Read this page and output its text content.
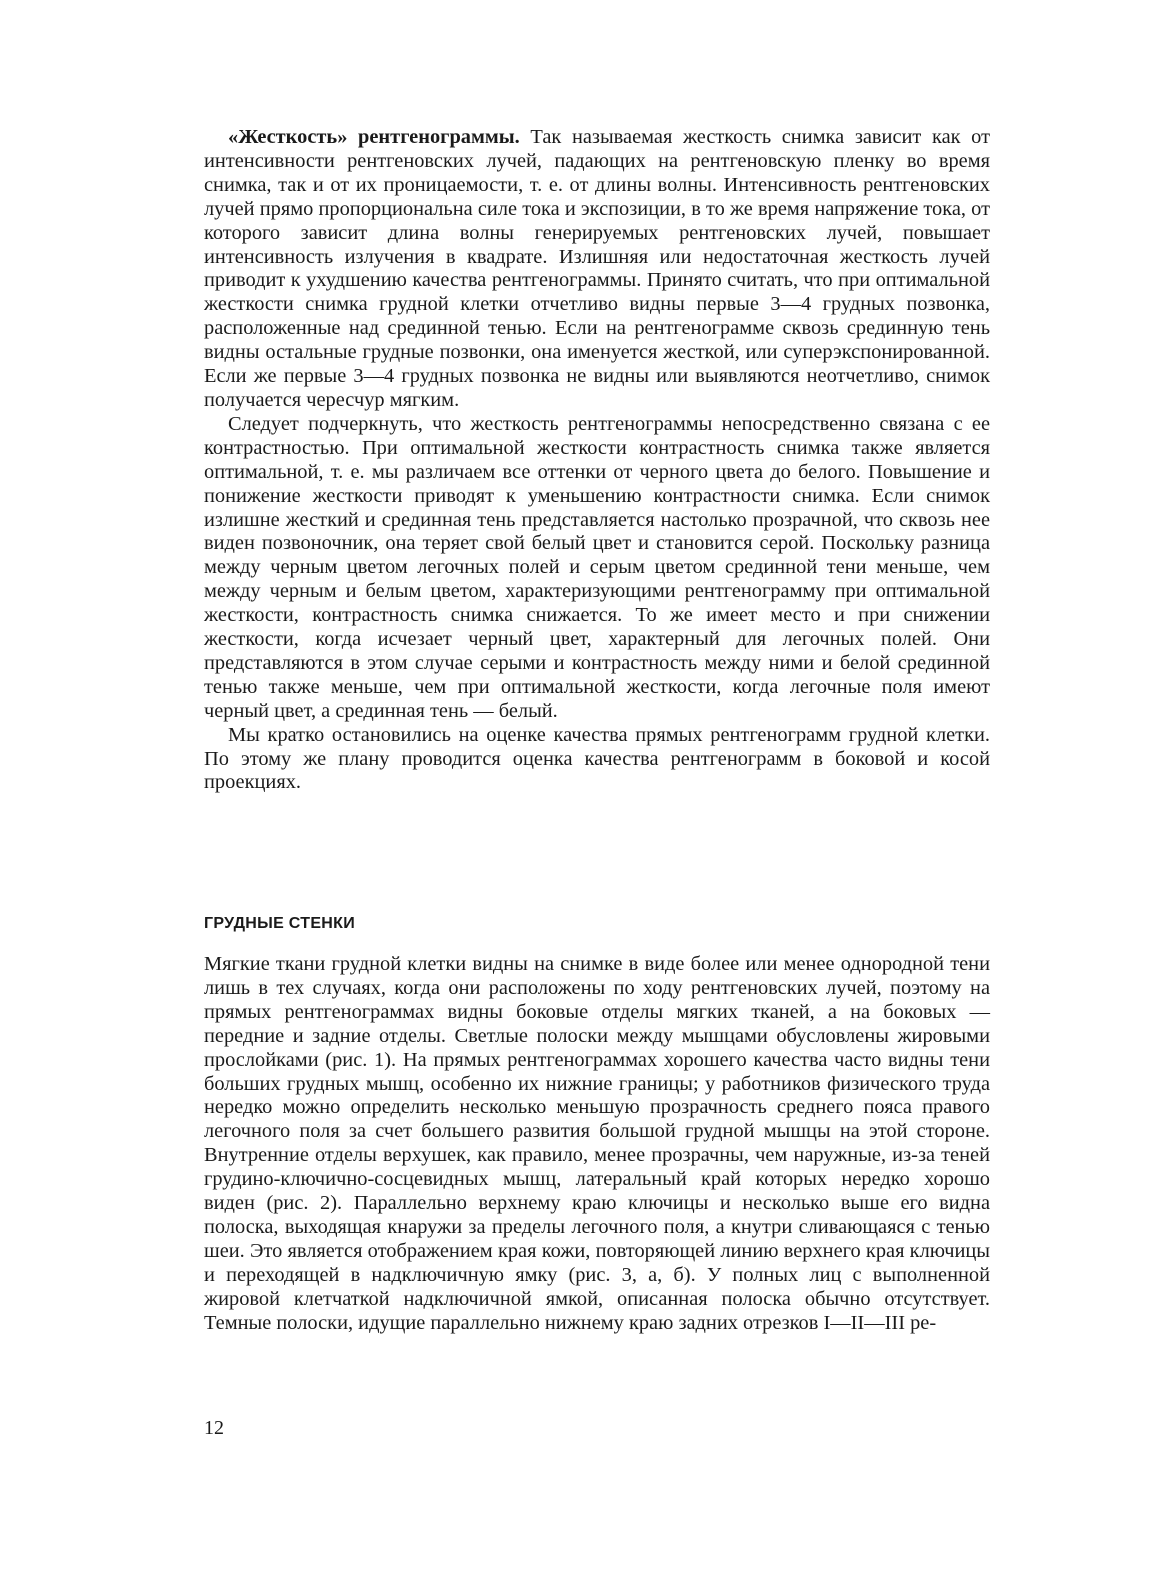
«Жесткость» рентгенограммы. Так называемая жесткость снимка зависит как от интенсивности рентгеновских лучей, падающих на рентгеновскую пленку во время снимка, так и от их проницаемости, т. е. от длины волны. Интенсивность рентгеновских лучей прямо пропорциональна силе тока и экспозиции, в то же время напряжение тока, от которого зависит длина волны генерируемых рентгеновских лучей, повышает интенсивность излучения в квадрате. Излишняя или недостаточная жесткость лучей приводит к ухудшению качества рентгенограммы. Принято считать, что при оптимальной жесткости снимка грудной клетки отчетливо видны первые 3—4 грудных позвонка, расположенные над срединной тенью. Если на рентгенограмме сквозь срединную тень видны остальные грудные позвонки, она именуется жесткой, или суперэкспонированной. Если же первые 3—4 грудных позвонка не видны или выявляются неотчетливо, снимок получается чересчур мягким.

Следует подчеркнуть, что жесткость рентгенограммы непосредственно связана с ее контрастностью. При оптимальной жесткости контрастность снимка также является оптимальной, т. е. мы различаем все оттенки от черного цвета до белого. Повышение и понижение жесткости приводят к уменьшению контрастности снимка. Если снимок излишне жесткий и срединная тень представляется настолько прозрачной, что сквозь нее виден позвоночник, она теряет свой белый цвет и становится серой. Поскольку разница между черным цветом легочных полей и серым цветом срединной тени меньше, чем между черным и белым цветом, характеризующими рентгенограмму при оптимальной жесткости, контрастность снимка снижается. То же имеет место и при снижении жесткости, когда исчезает черный цвет, характерный для легочных полей. Они представляются в этом случае серыми и контрастность между ними и белой срединной тенью также меньше, чем при оптимальной жесткости, когда легочные поля имеют черный цвет, а срединная тень — белый.

Мы кратко остановились на оценке качества прямых рентгенограмм грудной клетки. По этому же плану проводится оценка качества рентгенограмм в боковой и косой проекциях.

ГРУДНЫЕ СТЕНКИ

Мягкие ткани грудной клетки видны на снимке в виде более или менее однородной тени лишь в тех случаях, когда они расположены по ходу рентгеновских лучей, поэтому на прямых рентгенограммах видны боковые отделы мягких тканей, а на боковых — передние и задние отделы. Светлые полоски между мышцами обусловлены жировыми прослойками (рис. 1). На прямых рентгенограммах хорошего качества часто видны тени больших грудных мышц, особенно их нижние границы; у работников физического труда нередко можно определить несколько меньшую прозрачность среднего пояса правого легочного поля за счет большего развития большой грудной мышцы на этой стороне. Внутренние отделы верхушек, как правило, менее прозрачны, чем наружные, из-за теней грудино-ключично-сосцевидных мышц, латеральный край которых нередко хорошо виден (рис. 2). Параллельно верхнему краю ключицы и несколько выше его видна полоска, выходящая кнаружи за пределы легочного поля, а кнутри сливающаяся с тенью шеи. Это является отображением края кожи, повторяющей линию верхнего края ключицы и переходящей в надключичную ямку (рис. 3, а, б). У полных лиц с выполненной жировой клетчаткой надключичной ямкой, описанная полоска обычно отсутствует. Темные полоски, идущие параллельно нижнему краю задних отрезков I—II—III ре-

12
